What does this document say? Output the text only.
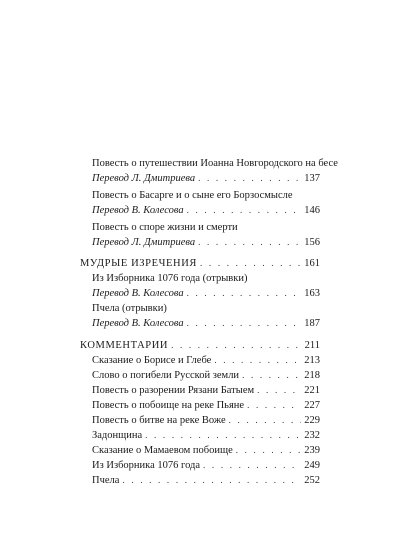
Повесть о путешествии Иоанна Новгородского на бесе
Перевод Л. Дмитриева . . .	137
Повесть о Басарге и о сыне его Борзосмысле
Перевод В. Колесова . . .	146
Повесть о споре жизни и смерти
Перевод Л. Дмитриева . . .	156
МУДРЫЕ ИЗРЕЧЕНИЯ . . .	161
Из Изборника 1076 года (отрывки)
Перевод В. Колесова . . .	163
Пчела (отрывки)
Перевод В. Колесова . . .	187
КОММЕНТАРИИ . . .	211
Сказание о Борисе и Глебе . . .	213
Слово о погибели Русской земли . . .	218
Повесть о разорении Рязани Батыем . . .	221
Повесть о побоище на реке Пьяне . . .	227
Повесть о битве на реке Воже . . .	229
Задонщина . . .	232
Сказание о Мамаевом побоище . . .	239
Из Изборника 1076 года . . .	249
Пчела . . .	252
